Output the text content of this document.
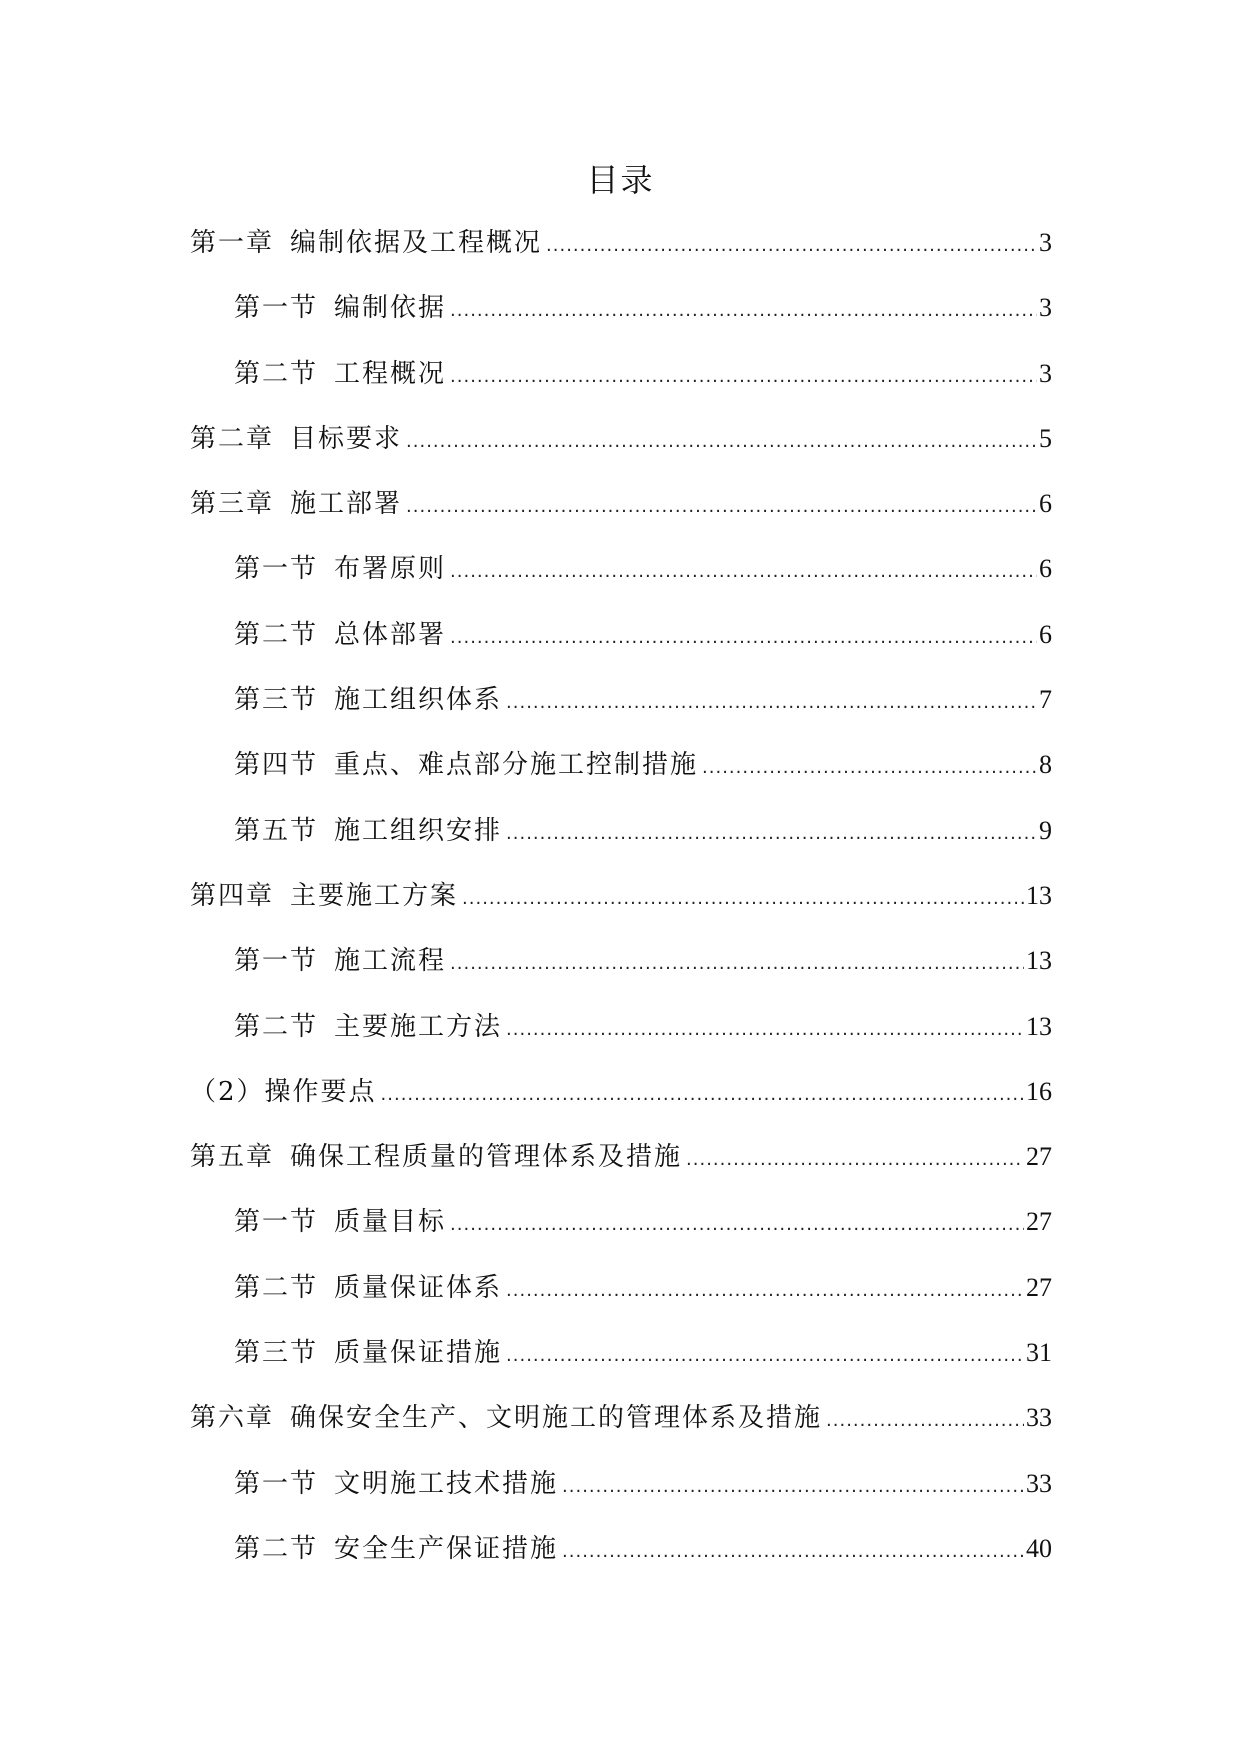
目录
第一章 编制依据及工程概况 .....	3
第一节 编制依据 .....	3
第二节 工程概况 .....	3
第二章 目标要求 .....	5
第三章 施工部署 .....	6
第一节 布署原则 .....	6
第二节 总体部署 .....	6
第三节 施工组织体系 .....	7
第四节 重点、难点部分施工控制措施 .....	8
第五节 施工组织安排 .....	9
第四章 主要施工方案 .....	13
第一节 施工流程 .....	13
第二节 主要施工方法 .....	13
（2）操作要点 .....	16
第五章 确保工程质量的管理体系及措施 .....	27
第一节 质量目标 .....	27
第二节 质量保证体系 .....	27
第三节 质量保证措施 .....	31
第六章 确保安全生产、文明施工的管理体系及措施 .....	33
第一节 文明施工技术措施 .....	33
第二节 安全生产保证措施 .....	40
